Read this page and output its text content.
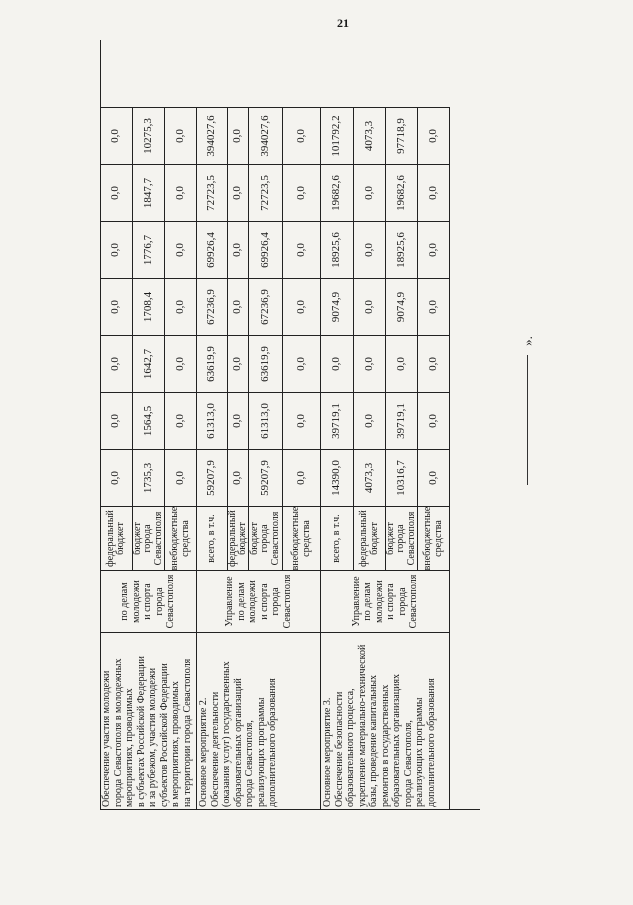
21
Обеспечение участия молодежи
города Севастополя в молодежных
мероприятиях, проводимых
в субъектах Российской Федерации
и за рубежом, участия молодежи
субъектов Российской Федерации
в мероприятиях, проводимых
на территории города Севастополя
по делам
молодежи
и спорта города
Севастополя
федеральный
бюджет
0,0
0,0
0,0
0,0
0,0
0,0
0,0
бюджет города
Севастополя
1735,3
1564,5
1642,7
1708,4
1776,7
1847,7
10275,3
внебюджетные
средства
0,0
0,0
0,0
0,0
0,0
0,0
0,0
Основное мероприятие 2.
Обеспечение деятельности
(оказания услуг) государственных
образовательных организаций
города Севастополя,
реализующих программы
дополнительного образования
Управление
по делам
молодежи
и спорта города
Севастополя
всего, в т.ч.
59207,9
61313,0
63619,9
67236,9
69926,4
72723,5
394027,6
федеральный
бюджет
0,0
0,0
0,0
0,0
0,0
0,0
0,0
бюджет города
Севастополя
59207,9
61313,0
63619,9
67236,9
69926,4
72723,5
394027,6
внебюджетные
средства
0,0
0,0
0,0
0,0
0,0
0,0
0,0
Основное мероприятие 3.
Обеспечение безопасности
образовательного процесса,
укрепление материально-технической
базы, проведение капитальных
ремонтов в государственных
образовательных организациях
города Севастополя,
реализующих программы
дополнительного образования
Управление
по делам
молодежи
и спорта города
Севастополя
всего, в т.ч.
14390,0
39719,1
0,0
9074,9
18925,6
19682,6
101792,2
федеральный
бюджет
4073,3
0,0
0,0
0,0
0,0
0,0
4073,3
бюджет города
Севастополя
10316,7
39719,1
0,0
9074,9
18925,6
19682,6
97718,9
внебюджетные
средства
0,0
0,0
0,0
0,0
0,0
0,0
0,0
».
